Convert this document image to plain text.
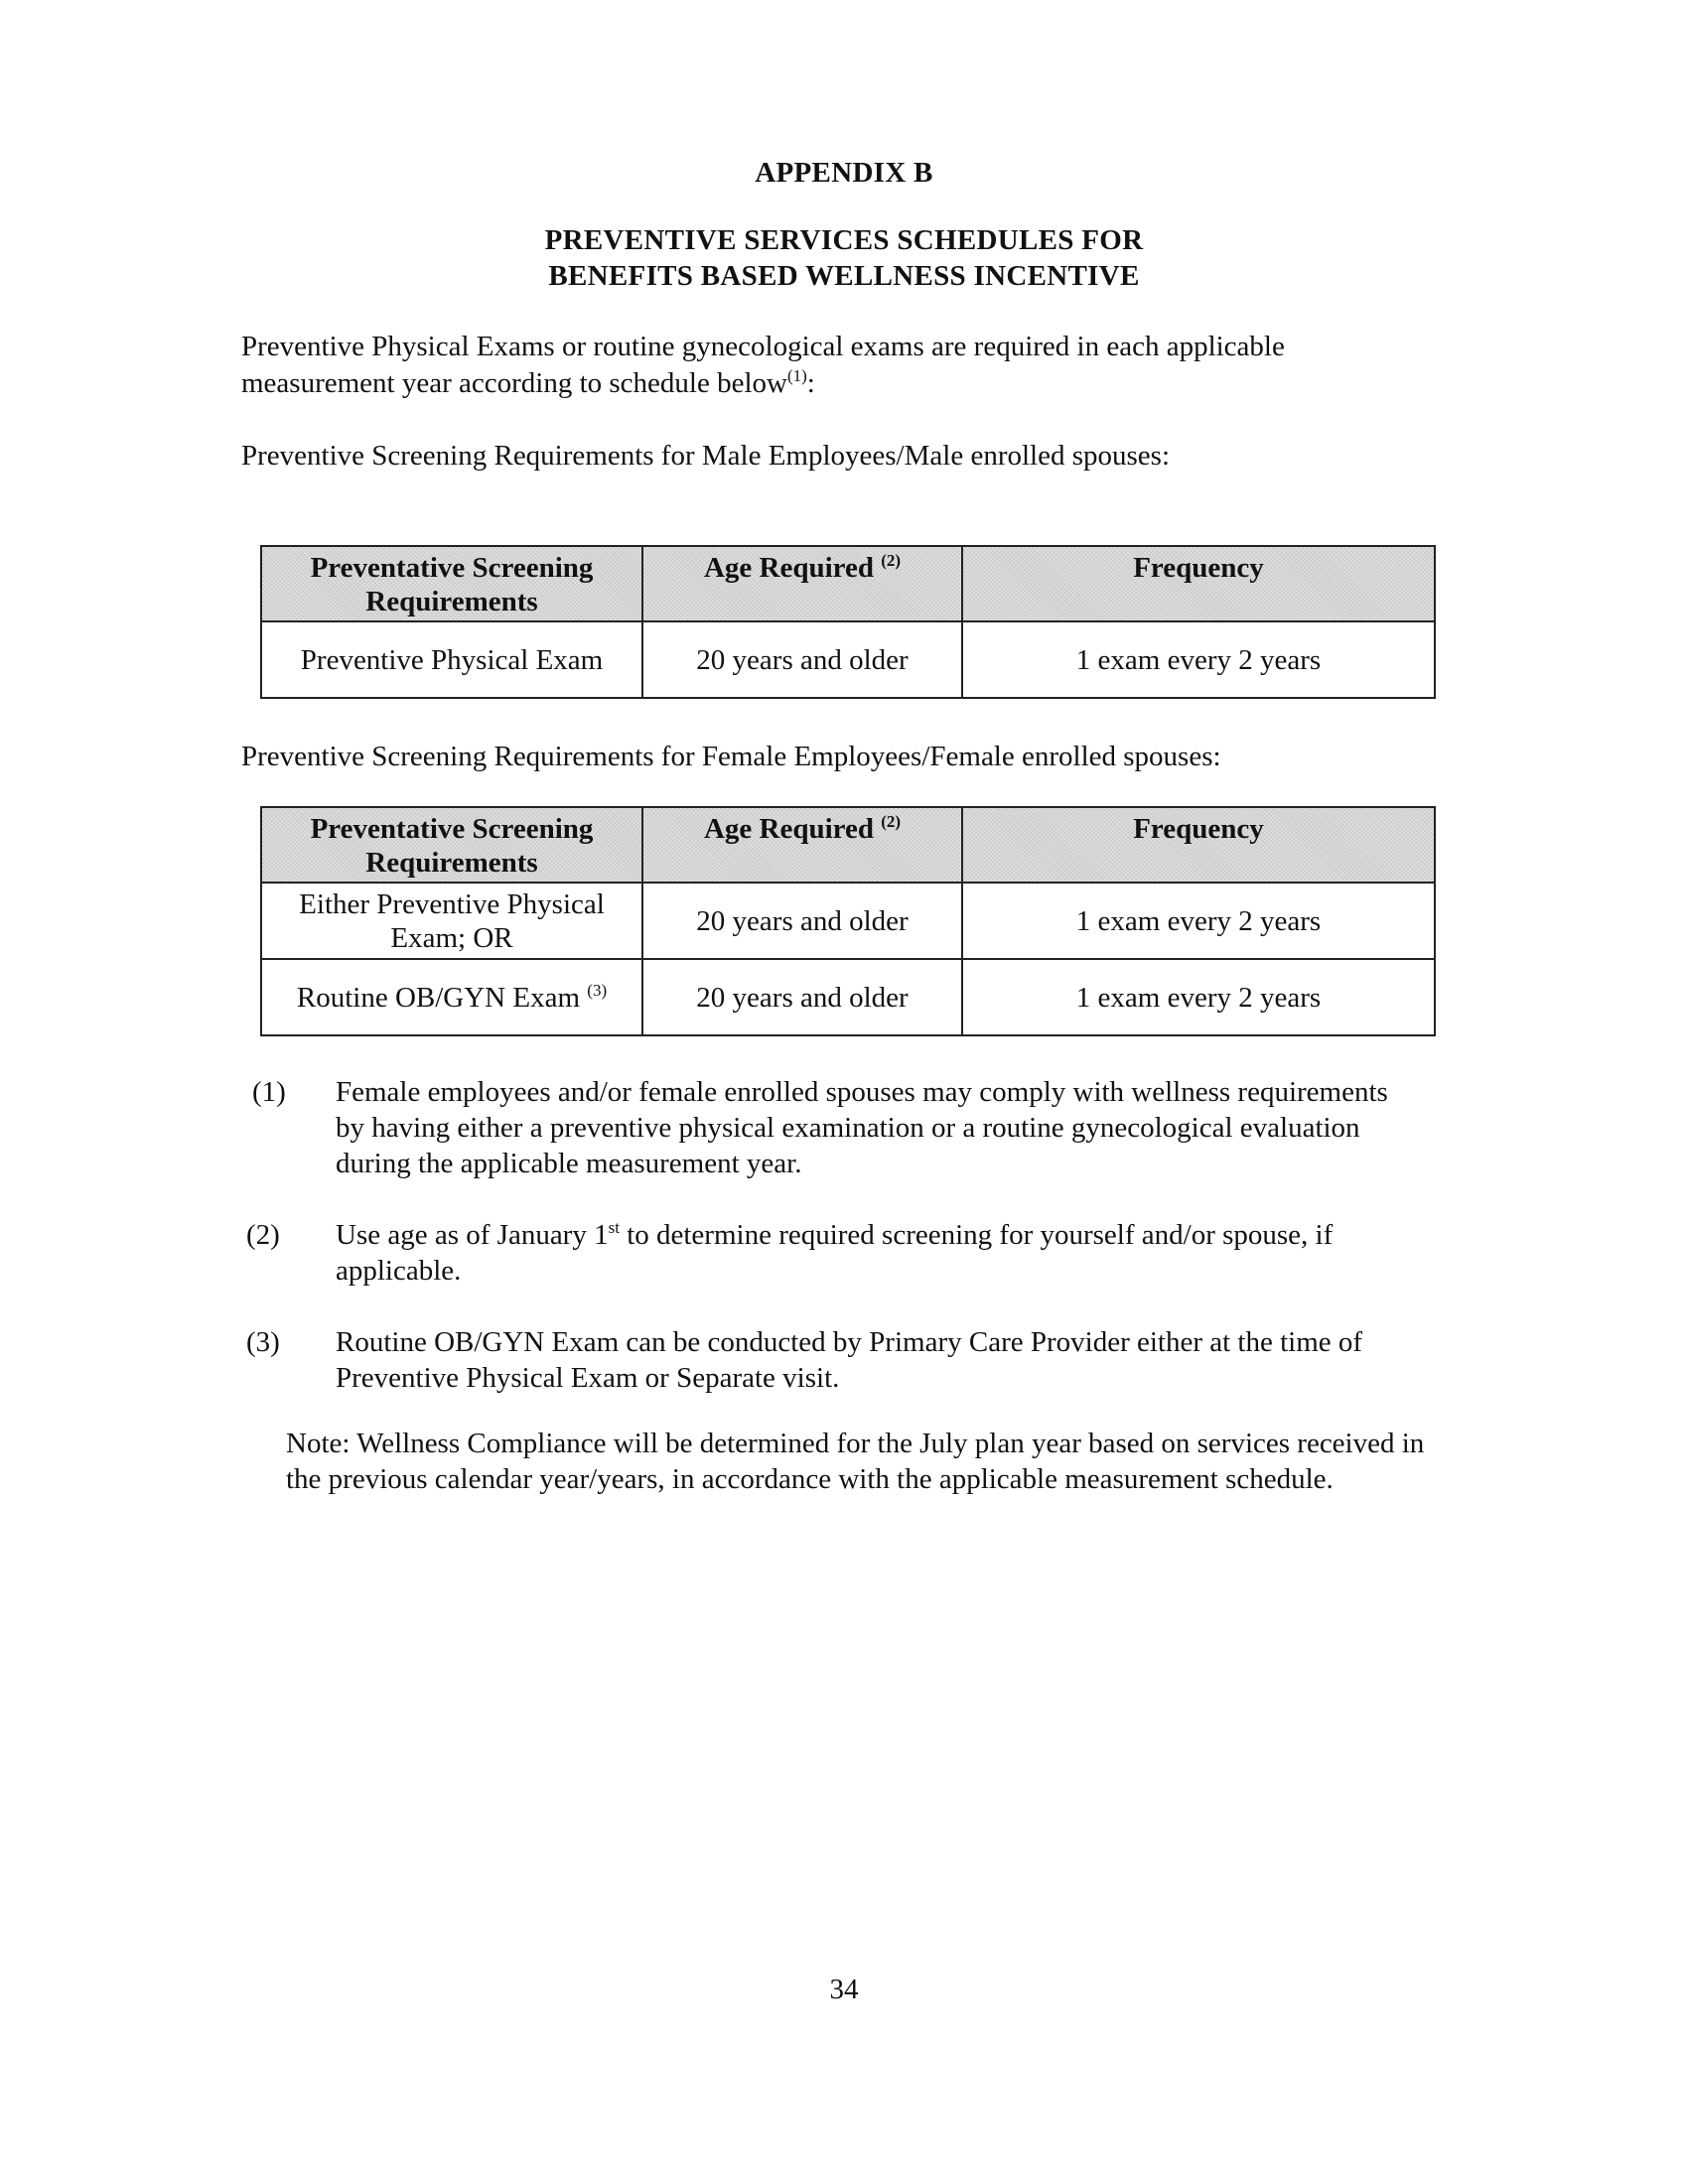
APPENDIX B
PREVENTIVE SERVICES SCHEDULES FOR
BENEFITS BASED WELLNESS INCENTIVE

Preventive Physical Exams or routine gynecological exams are required in each applicable

measurement year according to schedule below$^{(1)}$:

Preventive Screening Requirements for Male Employees/Male enrolled spouses:
Preventative Screening Requirements	Age Required $^{(2)}$	Frequency
Preventive Physical Exam	20 years and older	1 exam every 2 years
Preventive Screening Requirements for Female Employees/Female enrolled spouses:
Preventative Screening Requirements	Age Required $^{(2)}$	Frequency
Either Preventive Physical Exam; OR	20 years and older	1 exam every 2 years
Routine OB/GYN Exam $^{(3)}$	20 years and older	1 exam every 2 years
(1) Female employees and/or female enrolled spouses may comply with wellness requirements by having either a preventive physical examination or a routine gynecological evaluation during the applicable measurement year.
(2) Use age as of January 1st to determine required screening for yourself and/or spouse, if applicable.
(3) Routine OB/GYN Exam can be conducted by Primary Care Provider either at the time of Preventive Physical Exam or Separate visit.
Note: Wellness Compliance will be determined for the July plan year based on services received in the previous calendar year/years, in accordance with the applicable measurement schedule.
34
